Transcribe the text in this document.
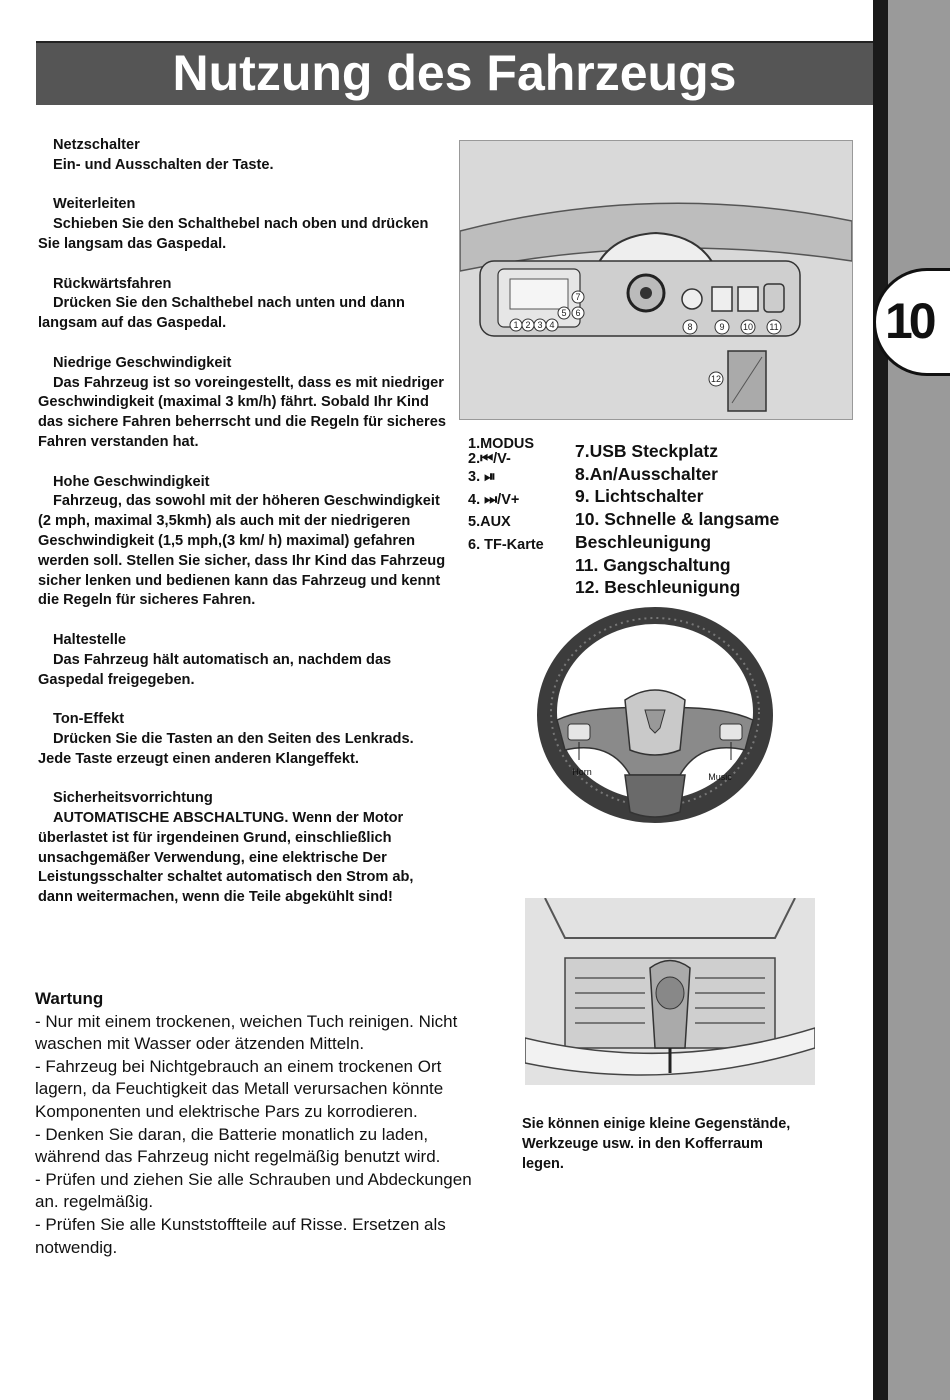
10
Nutzung des Fahrzeugs

Netzschalter

Ein- und Ausschalten der Taste.

Weiterleiten

Schieben Sie den Schalthebel nach oben und drücken Sie langsam das Gaspedal.

Rückwärtsfahren

Drücken Sie den Schalthebel nach unten und dann langsam auf das Gaspedal.

Niedrige Geschwindigkeit

Das Fahrzeug ist so voreingestellt, dass es mit niedriger Geschwindigkeit (maximal 3 km/h) fährt. Sobald Ihr Kind das sichere Fahren beherrscht und die Regeln für sicheres Fahren verstanden hat.

Hohe Geschwindigkeit

Fahrzeug, das sowohl mit der höheren Geschwindigkeit (2 mph, maximal 3,5kmh) als auch mit der niedrigeren Geschwindigkeit (1,5 mph,(3 km/ h) maximal) gefahren werden soll. Stellen Sie sicher, dass Ihr Kind das Fahrzeug sicher lenken und bedienen kann das Fahrzeug und kennt die Regeln für sicheres Fahren.

Haltestelle

Das Fahrzeug hält automatisch an, nachdem das Gaspedal freigegeben.

Ton-Effekt

Drücken Sie die Tasten an den Seiten des Lenkrads. Jede Taste erzeugt einen anderen Klangeffekt.

Sicherheitsvorrichtung

AUTOMATISCHE ABSCHALTUNG. Wenn der Motor überlastet ist für irgendeinen Grund, einschließlich unsachgemäßer Verwendung, eine elektrische Der Leistungsschalter schaltet automatisch den Strom ab, dann weitermachen, wenn die Teile abgekühlt sind!

Wartung

- Nur mit einem trockenen, weichen Tuch reinigen. Nicht waschen mit Wasser oder ätzenden Mitteln.

- Fahrzeug bei Nichtgebrauch an einem trockenen Ort lagern, da Feuchtigkeit das Metall verursachen könnte Komponenten und elektrische Pars zu korrodieren.

- Denken Sie daran, die Batterie monatlich zu laden, während das Fahrzeug nicht regelmäßig benutzt wird.

- Prüfen und ziehen Sie alle Schrauben und Abdeckungen an. regelmäßig.

- Prüfen Sie alle Kunststoffteile auf Risse. Ersetzen als notwendig.

1 2 3 4
5 6
7
8	9 10 11
12

1.MODUS

2.⏮/V-

3. ⏯

4. ⏭/V+

5.AUX

6. TF-Karte

7.USB Steckplatz

8.An/Ausschalter

9. Lichtschalter

10. Schnelle & langsame

Beschleunigung

11. Gangschaltung

12. Beschleunigung

Horn	Music

Sie können einige kleine Gegenstände, Werkzeuge usw. in den Kofferraum legen.
